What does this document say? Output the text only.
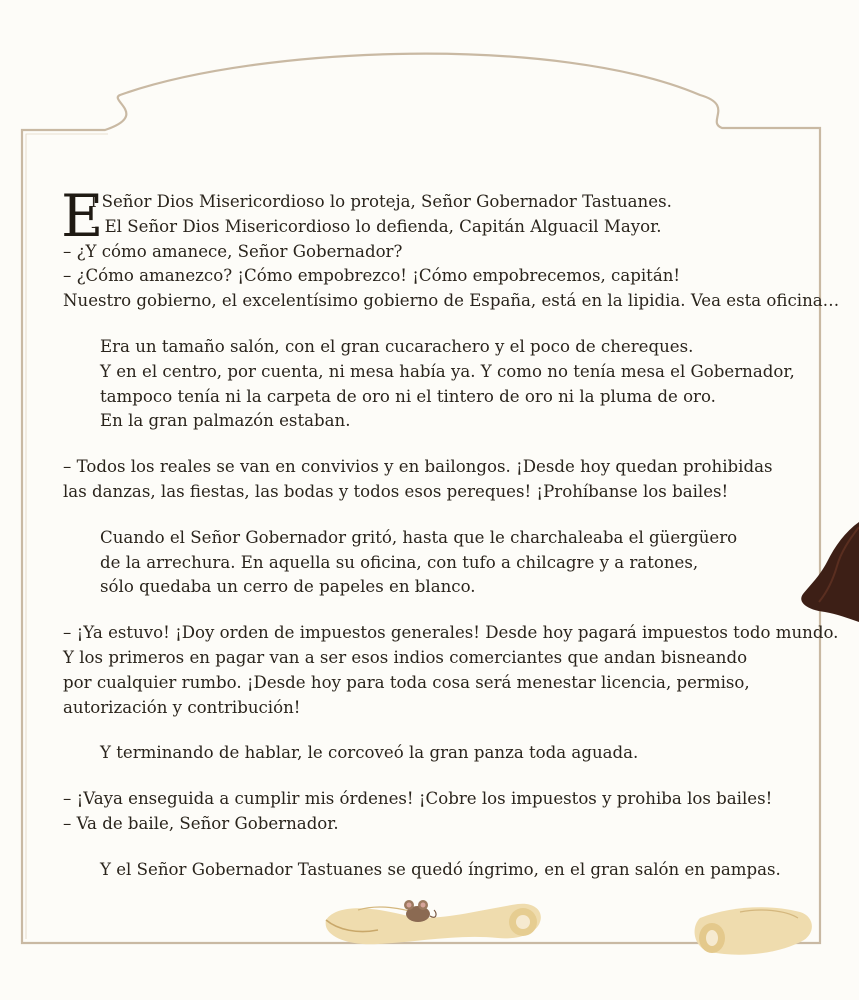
E
l Señor Dios Misericordioso lo proteja, Señor Gobernador Tastuanes.
– El Señor Dios Misericordioso lo defienda, Capitán Alguacil Mayor.
– ¿Y cómo amanece, Señor Gobernador?
– ¿Cómo amanezco? ¡Cómo empobrezco! ¡Cómo empobrecemos, capitán!
Nuestro gobierno, el excelentísimo gobierno de España, está en la lipidia. Vea esta oficina…
Era un tamaño salón, con el gran cucarachero y el poco de chereques.
Y en el centro, por cuenta, ni mesa había ya. Y como no tenía mesa el Gobernador,
tampoco tenía ni la carpeta de oro ni el tintero de oro ni la pluma de oro.
En la gran palmazón estaban.
– Todos los reales se van en convivios y en bailongos. ¡Desde hoy quedan prohibidas
las danzas, las fiestas, las bodas y todos esos pereques! ¡Prohíbanse los bailes!
Cuando el Señor Gobernador gritó, hasta que le charchaleaba el güergüero
de la arrechura. En aquella su oficina, con tufo a chilcagre y a ratones,
sólo quedaba un cerro de papeles en blanco.
– ¡Ya estuvo! ¡Doy orden de impuestos generales! Desde hoy pagará impuestos todo mundo.
Y los primeros en pagar van a ser esos indios comerciantes que andan bisneando
por cualquier rumbo. ¡Desde hoy para toda cosa será menestar licencia, permiso,
autorización y contribución!
Y terminando de hablar, le corcoveó la gran panza toda aguada.
– ¡Vaya enseguida a cumplir mis órdenes! ¡Cobre los impuestos y prohiba los bailes!
– Va de baile, Señor Gobernador.
Y el Señor Gobernador Tastuanes se quedó íngrimo, en el gran salón en pampas.
